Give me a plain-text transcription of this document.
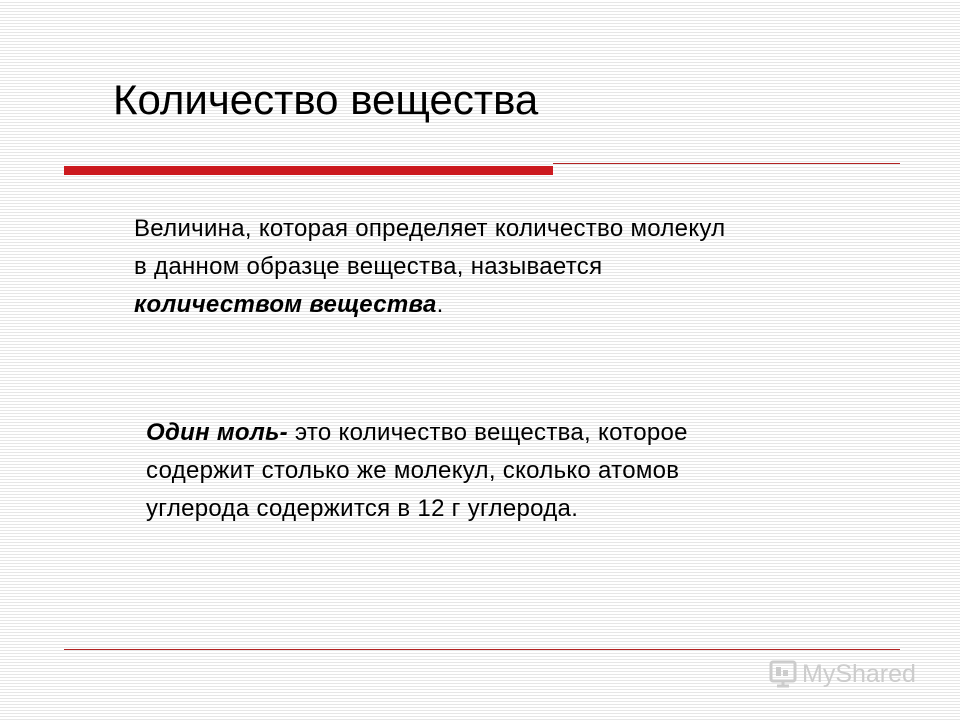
Количество вещества

Величина, которая определяет количество молекул в данном образце вещества, называется количеством вещества.

Один моль- это количество вещества, которое содержит столько же молекул, сколько атомов углерода содержится в 12 г углерода.

MyShared
